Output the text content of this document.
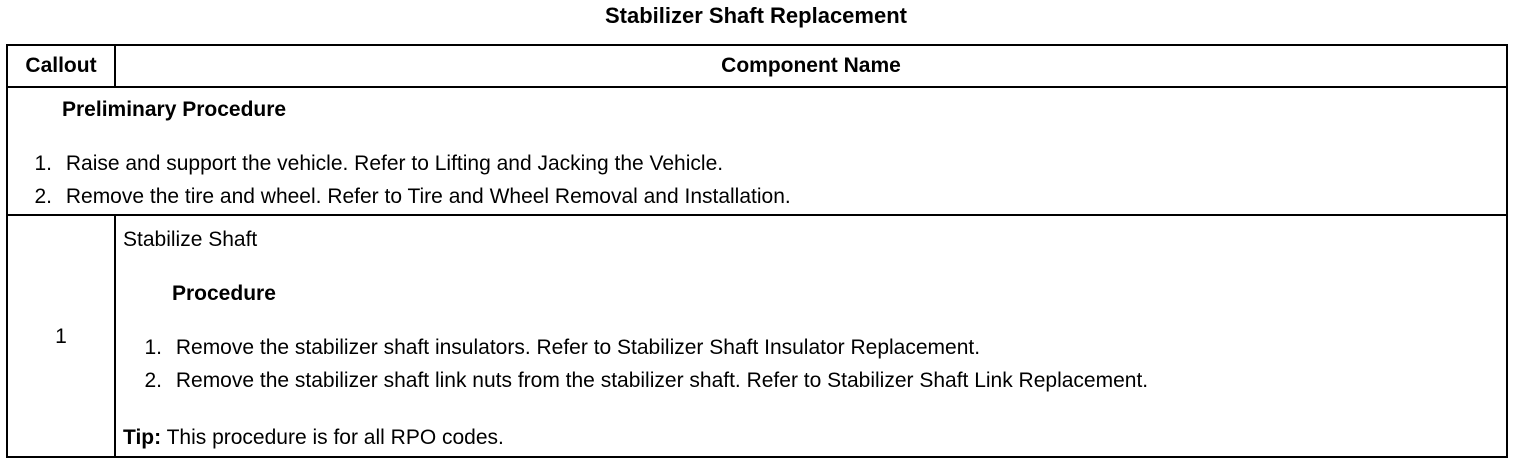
Stabilizer Shaft Replacement
Callout	Component Name
Preliminary Procedure
1. Raise and support the vehicle. Refer to Lifting and Jacking the Vehicle.
2. Remove the tire and wheel. Refer to Tire and Wheel Removal and Installation.
1
Stabilize Shaft
Procedure
1. Remove the stabilizer shaft insulators. Refer to Stabilizer Shaft Insulator Replacement.
2. Remove the stabilizer shaft link nuts from the stabilizer shaft. Refer to Stabilizer Shaft Link Replacement.
Tip: This procedure is for all RPO codes.
